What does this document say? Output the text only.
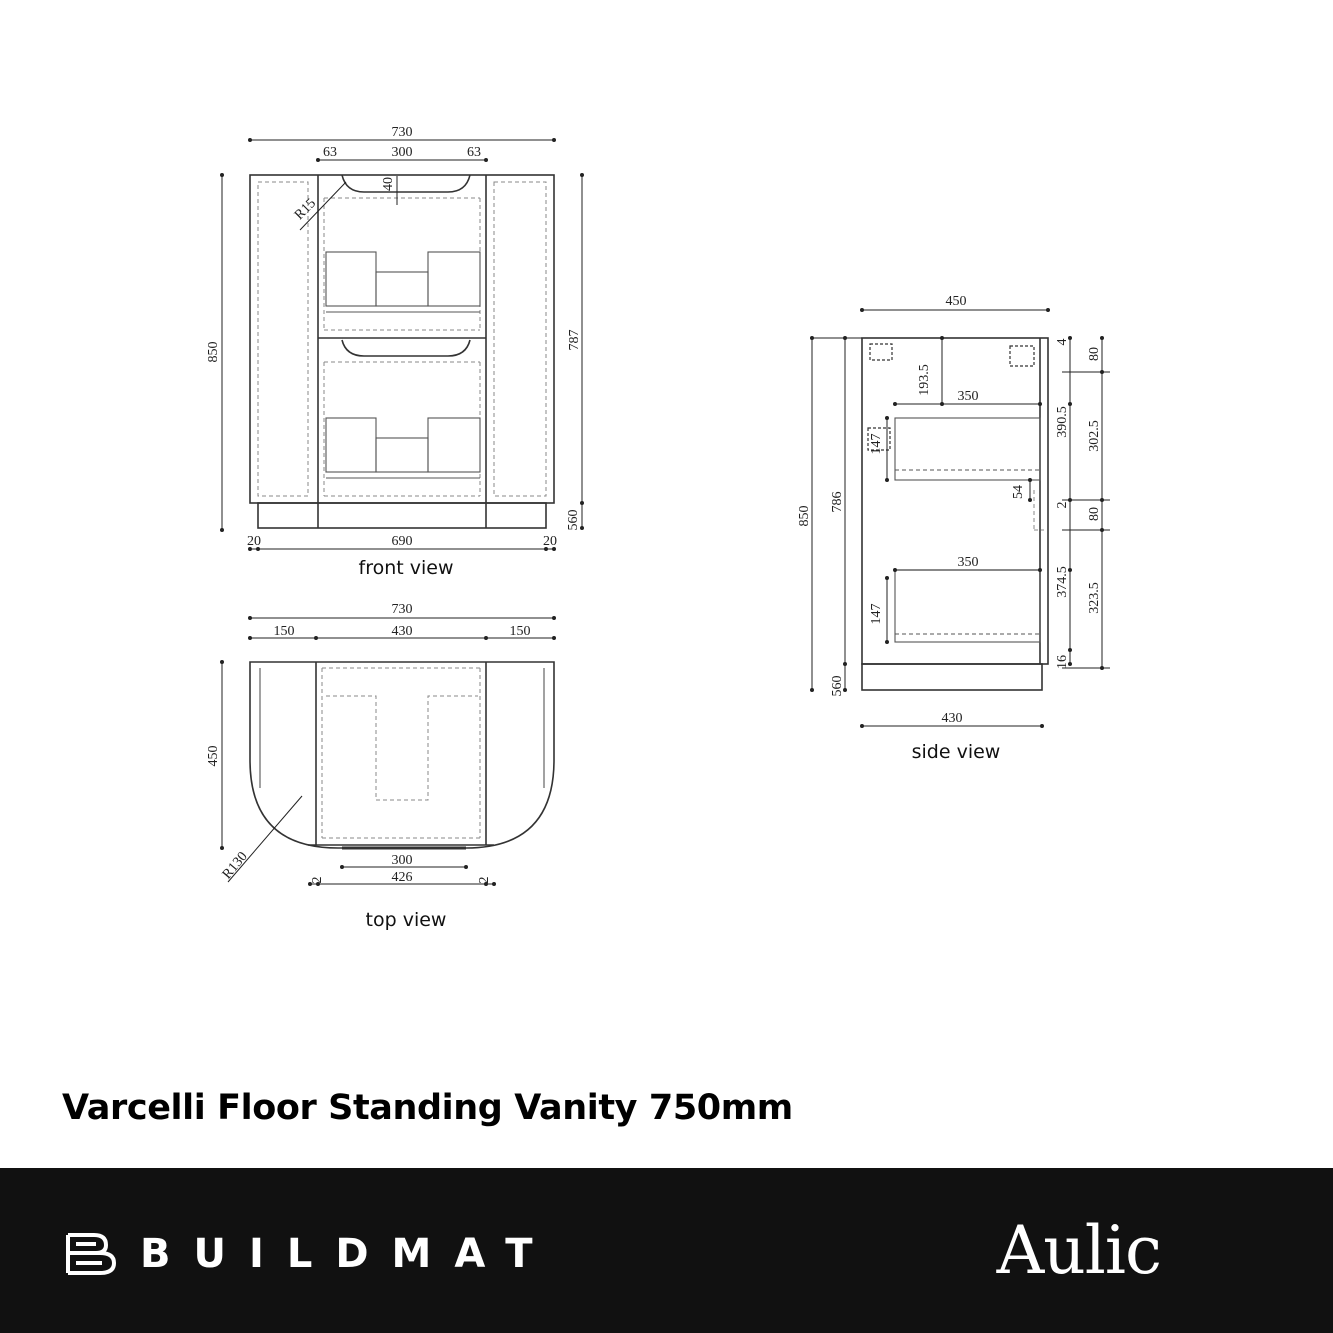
730
63	300	63
40
R15
850
787
560
20	690	20
front view
730
150	430	150
450
R130	300
2	426	2
top view
450
850
786
560
193.5
350
147
350
147
54
430
4
390.5
2
374.5
16
80
302.5
80
323.5
side view
Varcelli Floor Standing Vanity 750mm
BUILDMAT	Aulic
